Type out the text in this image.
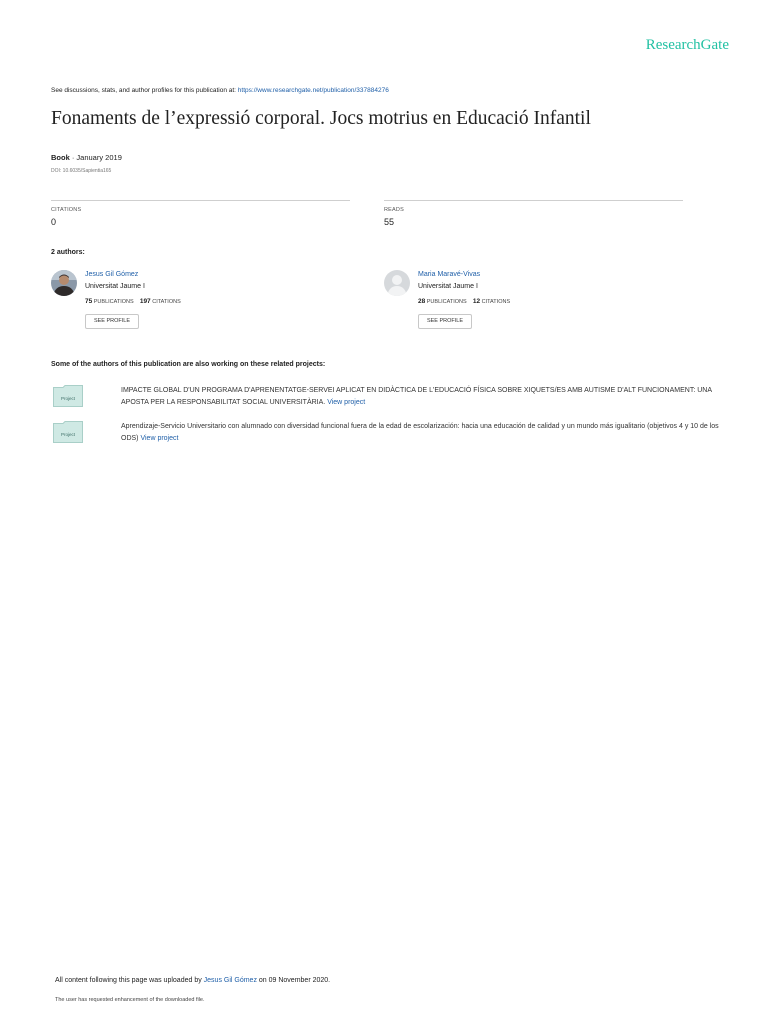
ResearchGate
See discussions, stats, and author profiles for this publication at: https://www.researchgate.net/publication/337884276
Fonaments de l’expressió corporal. Jocs motrius en Educació Infantil
Book · January 2019
DOI: 10.6035/Sapientia165
CITATIONS
0
READS
55
2 authors:
Jesus Gil Gómez
Universitat Jaume I
75 PUBLICATIONS 197 CITATIONS
SEE PROFILE
Maria Maravé-Vivas
Universitat Jaume I
28 PUBLICATIONS 12 CITATIONS
SEE PROFILE
Some of the authors of this publication are also working on these related projects:
Project
IMPACTE GLOBAL D'UN PROGRAMA D'APRENENTATGE-SERVEI APLICAT EN DIDÀCTICA DE L'EDUCACIÓ FÍSICA SOBRE XIQUETS/ES AMB AUTISME D'ALT FUNCIONAMENT: UNA APOSTA PER LA RESPONSABILITAT SOCIAL UNIVERSITÀRIA. View project
Project
Aprendizaje-Servicio Universitario con alumnado con diversidad funcional fuera de la edad de escolarización: hacia una educación de calidad y un mundo más igualitario (objetivos 4 y 10 de los ODS) View project
All content following this page was uploaded by Jesus Gil Gómez on 09 November 2020.
The user has requested enhancement of the downloaded file.
